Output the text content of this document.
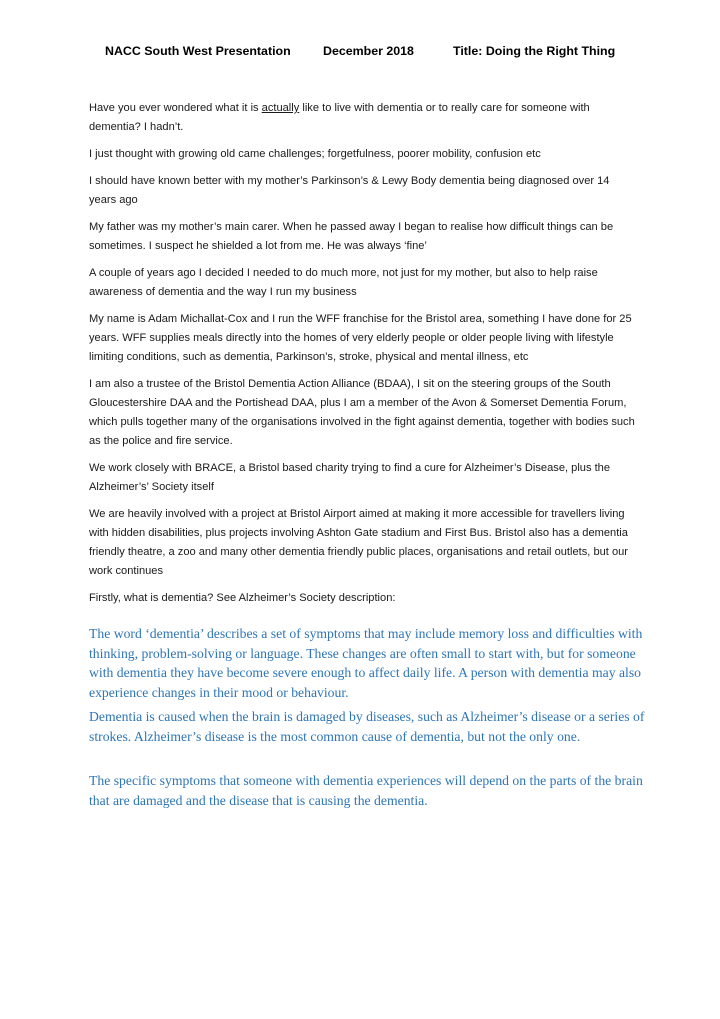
NACC South West Presentation	December 2018	Title: Doing the Right Thing

Have you ever wondered what it is actually like to live with dementia or to really care for someone with dementia? I hadn’t.

I just thought with growing old came challenges; forgetfulness, poorer mobility, confusion etc

I should have known better with my mother’s Parkinson’s & Lewy Body dementia being diagnosed over 14 years ago

My father was my mother’s main carer. When he passed away I began to realise how difficult things can be sometimes. I suspect he shielded a lot from me. He was always ‘fine’

A couple of years ago I decided I needed to do much more, not just for my mother, but also to help raise awareness of dementia and the way I run my business

My name is Adam Michallat-Cox and I run the WFF franchise for the Bristol area, something I have done for 25 years. WFF supplies meals directly into the homes of very elderly people or older people living with lifestyle limiting conditions, such as dementia, Parkinson’s, stroke, physical and mental illness, etc

I am also a trustee of the Bristol Dementia Action Alliance (BDAA), I sit on the steering groups of the South Gloucestershire DAA and the Portishead DAA, plus I am a member of the Avon & Somerset Dementia Forum, which pulls together many of the organisations involved in the fight against dementia, together with bodies such as the police and fire service.

We work closely with BRACE, a Bristol based charity trying to find a cure for Alzheimer’s Disease, plus the Alzheimer’s’ Society itself

We are heavily involved with a project at Bristol Airport aimed at making it more accessible for travellers living with hidden disabilities, plus projects involving Ashton Gate stadium and First Bus. Bristol also has a dementia friendly theatre, a zoo and many other dementia friendly public places, organisations and retail outlets, but our work continues

Firstly, what is dementia? See Alzheimer’s Society description:

The word ‘dementia’ describes a set of symptoms that may include memory loss and difficulties with thinking, problem-solving or language. These changes are often small to start with, but for someone with dementia they have become severe enough to affect daily life. A person with dementia may also experience changes in their mood or behaviour.

Dementia is caused when the brain is damaged by diseases, such as Alzheimer’s disease or a series of strokes. Alzheimer’s disease is the most common cause of dementia, but not the only one.

The specific symptoms that someone with dementia experiences will depend on the parts of the brain that are damaged and the disease that is causing the dementia.
